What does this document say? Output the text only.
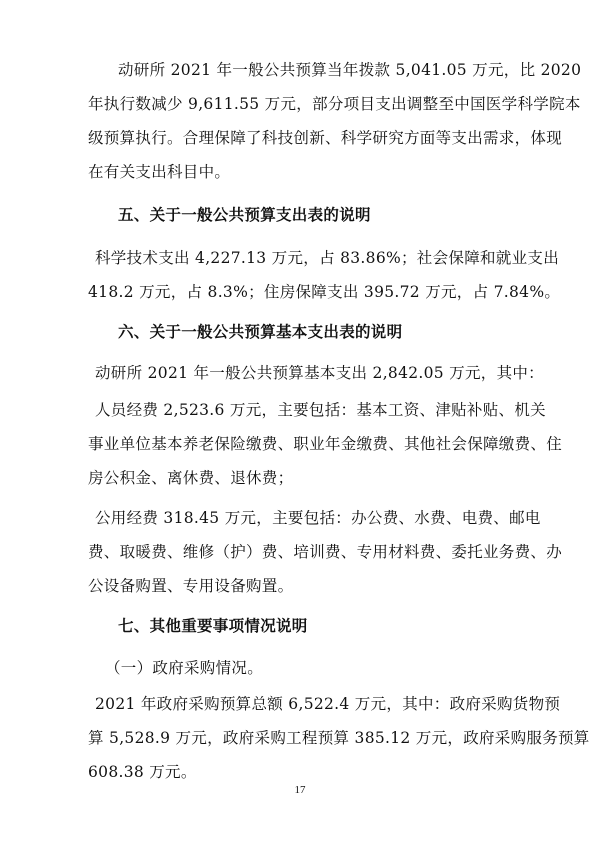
动研所 2021 年一般公共预算当年拨款 5,041.05 万元，比 2020
年执行数减少 9,611.55 万元，部分项目支出调整至中国医学科学院本
级预算执行。合理保障了科技创新、科学研究方面等支出需求，体现
在有关支出科目中。
五、关于一般公共预算支出表的说明
科学技术支出 4,227.13 万元，占 83.86%；社会保障和就业支出
418.2 万元，占 8.3%；住房保障支出 395.72 万元，占 7.84%。
六、关于一般公共预算基本支出表的说明
动研所 2021 年一般公共预算基本支出 2,842.05 万元，其中：
人员经费 2,523.6 万元，主要包括：基本工资、津贴补贴、机关
事业单位基本养老保险缴费、职业年金缴费、其他社会保障缴费、住
房公积金、离休费、退休费；
公用经费 318.45 万元，主要包括：办公费、水费、电费、邮电
费、取暖费、维修（护）费、培训费、专用材料费、委托业务费、办
公设备购置、专用设备购置。
七、其他重要事项情况说明
（一）政府采购情况。
2021 年政府采购预算总额 6,522.4 万元，其中：政府采购货物预
算 5,528.9 万元，政府采购工程预算 385.12 万元，政府采购服务预算
608.38 万元。
17
